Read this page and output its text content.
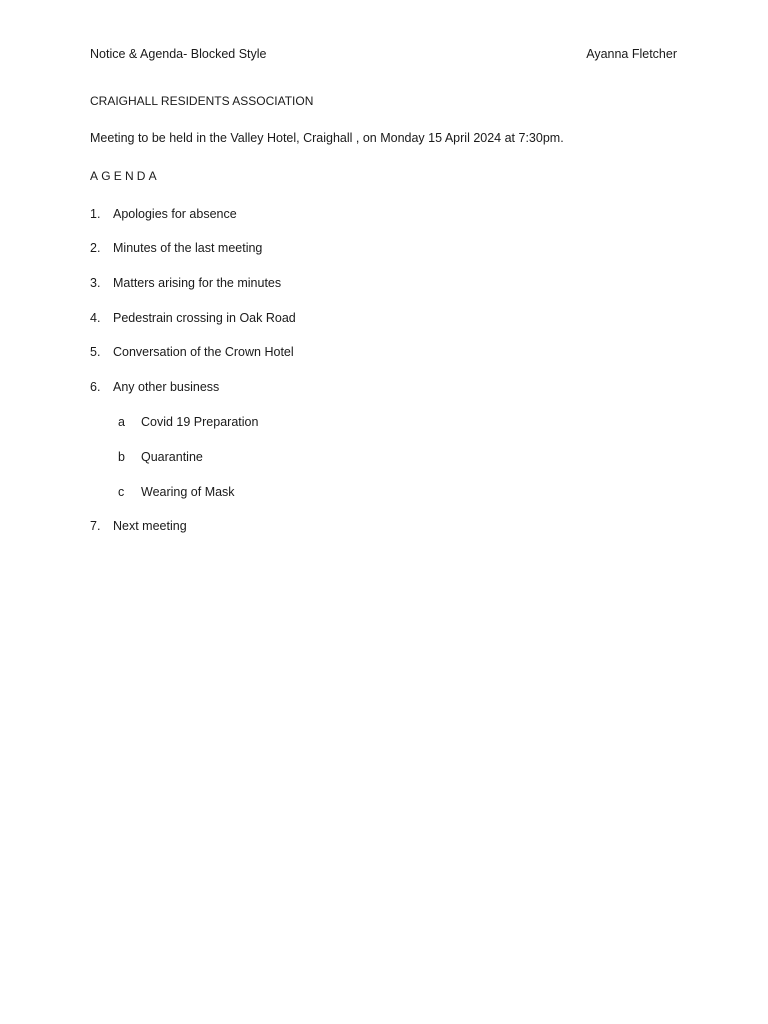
Notice & Agenda- Blocked Style	Ayanna Fletcher
CRAIGHALL RESIDENTS ASSOCIATION
Meeting to be held in the Valley Hotel, Craighall , on Monday 15 April 2024 at 7:30pm.
AGENDA
1. Apologies for absence
2. Minutes of the last meeting
3. Matters arising for the minutes
4. Pedestrain crossing in Oak Road
5. Conversation of the Crown Hotel
6. Any other business
a Covid 19 Preparation
b Quarantine
c Wearing of Mask
7. Next meeting
